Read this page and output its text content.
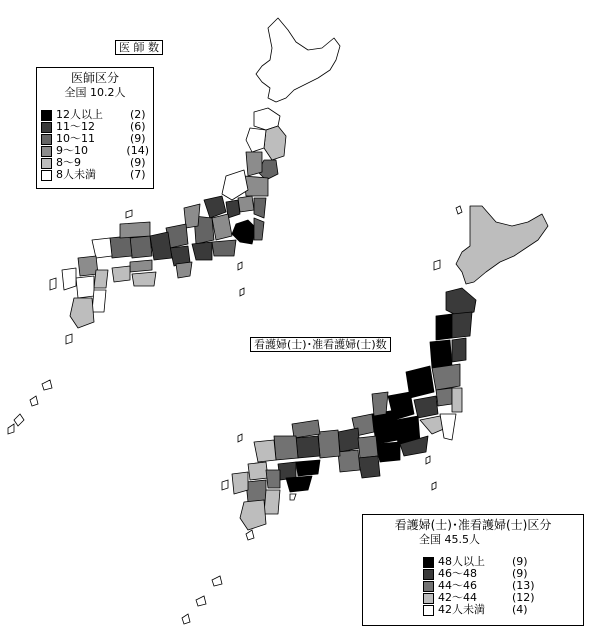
医 師 数
看護婦(士)･准看護婦(士)数
医師区分
全国 10.2人
12人以上	(2)
11～12	(6)
10～11	(9)
9～10	(14)
8～9	(9)
8人未満	(7)
看護婦(士)･准看護婦(士)区分
全国 45.5人
48人以上	(9)
46～48	(9)
44～46	(13)
42～44	(12)
42人未満	(4)
